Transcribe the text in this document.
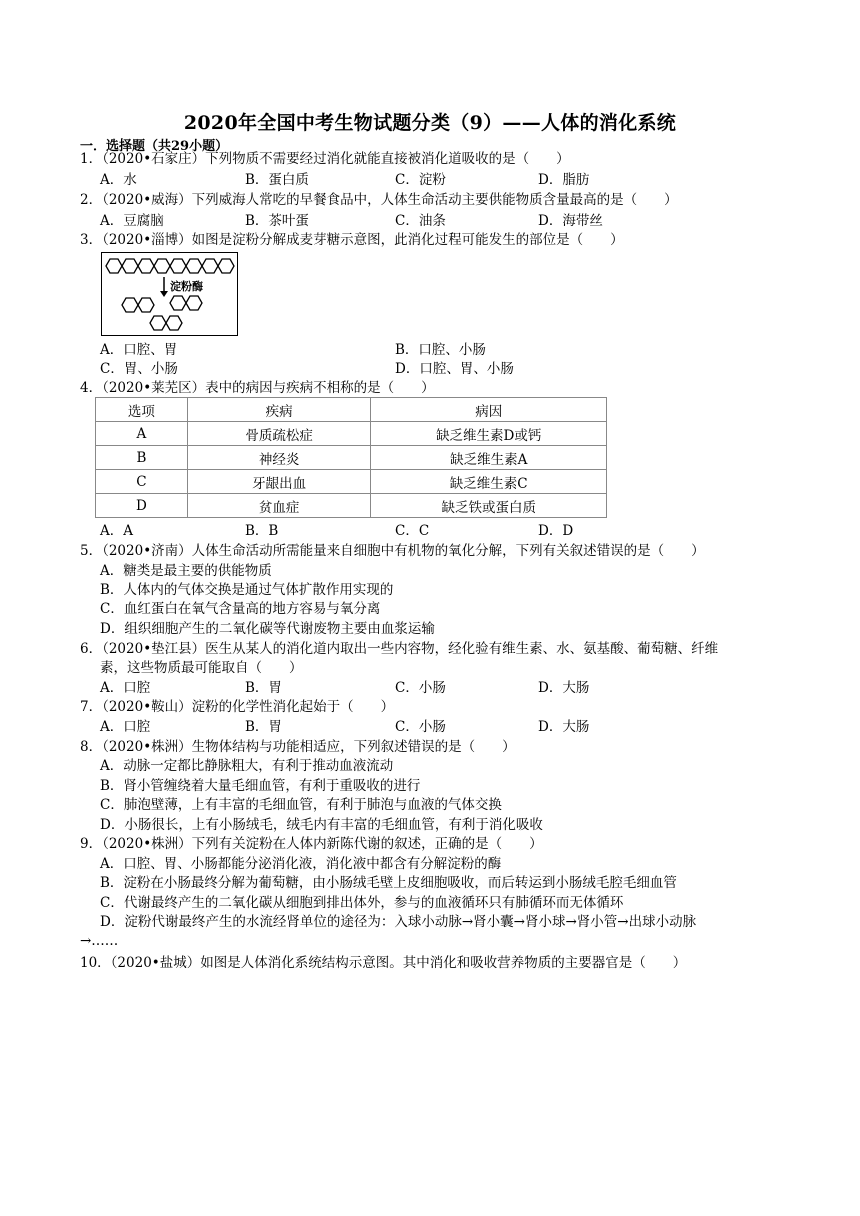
2020年全国中考生物试题分类（9）——人体的消化系统
一．选择题（共29小题）
1．（2020•石家庄）下列物质不需要经过消化就能直接被消化道吸收的是（　　）
A．水	B．蛋白质	C．淀粉	D．脂肪
2．（2020•威海）下列威海人常吃的早餐食品中，人体生命活动主要供能物质含量最高的是（　　）
A．豆腐脑	B．茶叶蛋	C．油条	D．海带丝
3．（2020•淄博）如图是淀粉分解成麦芽糖示意图，此消化过程可能发生的部位是（　　）
淀粉酶
A．口腔、胃	B．口腔、小肠
C．胃、小肠	D．口腔、胃、小肠
4．（2020•莱芜区）表中的病因与疾病不相称的是（　　）
选项	疾病	病因
A	骨质疏松症	缺乏维生素D或钙
B	神经炎	缺乏维生素A
C	牙龈出血	缺乏维生素C
D	贫血症	缺乏铁或蛋白质
A．A	B．B	C．C	D．D
5．（2020•济南）人体生命活动所需能量来自细胞中有机物的氧化分解，下列有关叙述错误的是（　　）
A．糖类是最主要的供能物质
B．人体内的气体交换是通过气体扩散作用实现的
C．血红蛋白在氧气含量高的地方容易与氧分离
D．组织细胞产生的二氧化碳等代谢废物主要由血浆运输
6．（2020•垫江县）医生从某人的消化道内取出一些内容物，经化验有维生素、水、氨基酸、葡萄糖、纤维
素，这些物质最可能取自（　　）
A．口腔	B．胃	C．小肠	D．大肠
7．（2020•鞍山）淀粉的化学性消化起始于（　　）
A．口腔	B．胃	C．小肠	D．大肠
8．（2020•株洲）生物体结构与功能相适应，下列叙述错误的是（　　）
A．动脉一定都比静脉粗大，有利于推动血液流动
B．肾小管缠绕着大量毛细血管，有利于重吸收的进行
C．肺泡壁薄，上有丰富的毛细血管，有利于肺泡与血液的气体交换
D．小肠很长，上有小肠绒毛，绒毛内有丰富的毛细血管，有利于消化吸收
9．（2020•株洲）下列有关淀粉在人体内新陈代谢的叙述，正确的是（　　）
A．口腔、胃、小肠都能分泌消化液，消化液中都含有分解淀粉的酶
B．淀粉在小肠最终分解为葡萄糖，由小肠绒毛壁上皮细胞吸收，而后转运到小肠绒毛腔毛细血管
C．代谢最终产生的二氧化碳从细胞到排出体外，参与的血液循环只有肺循环而无体循环
D．淀粉代谢最终产生的水流经肾单位的途径为：入球小动脉→肾小囊→肾小球→肾小管→出球小动脉
→……
10．（2020•盐城）如图是人体消化系统结构示意图。其中消化和吸收营养物质的主要器官是（　　）
